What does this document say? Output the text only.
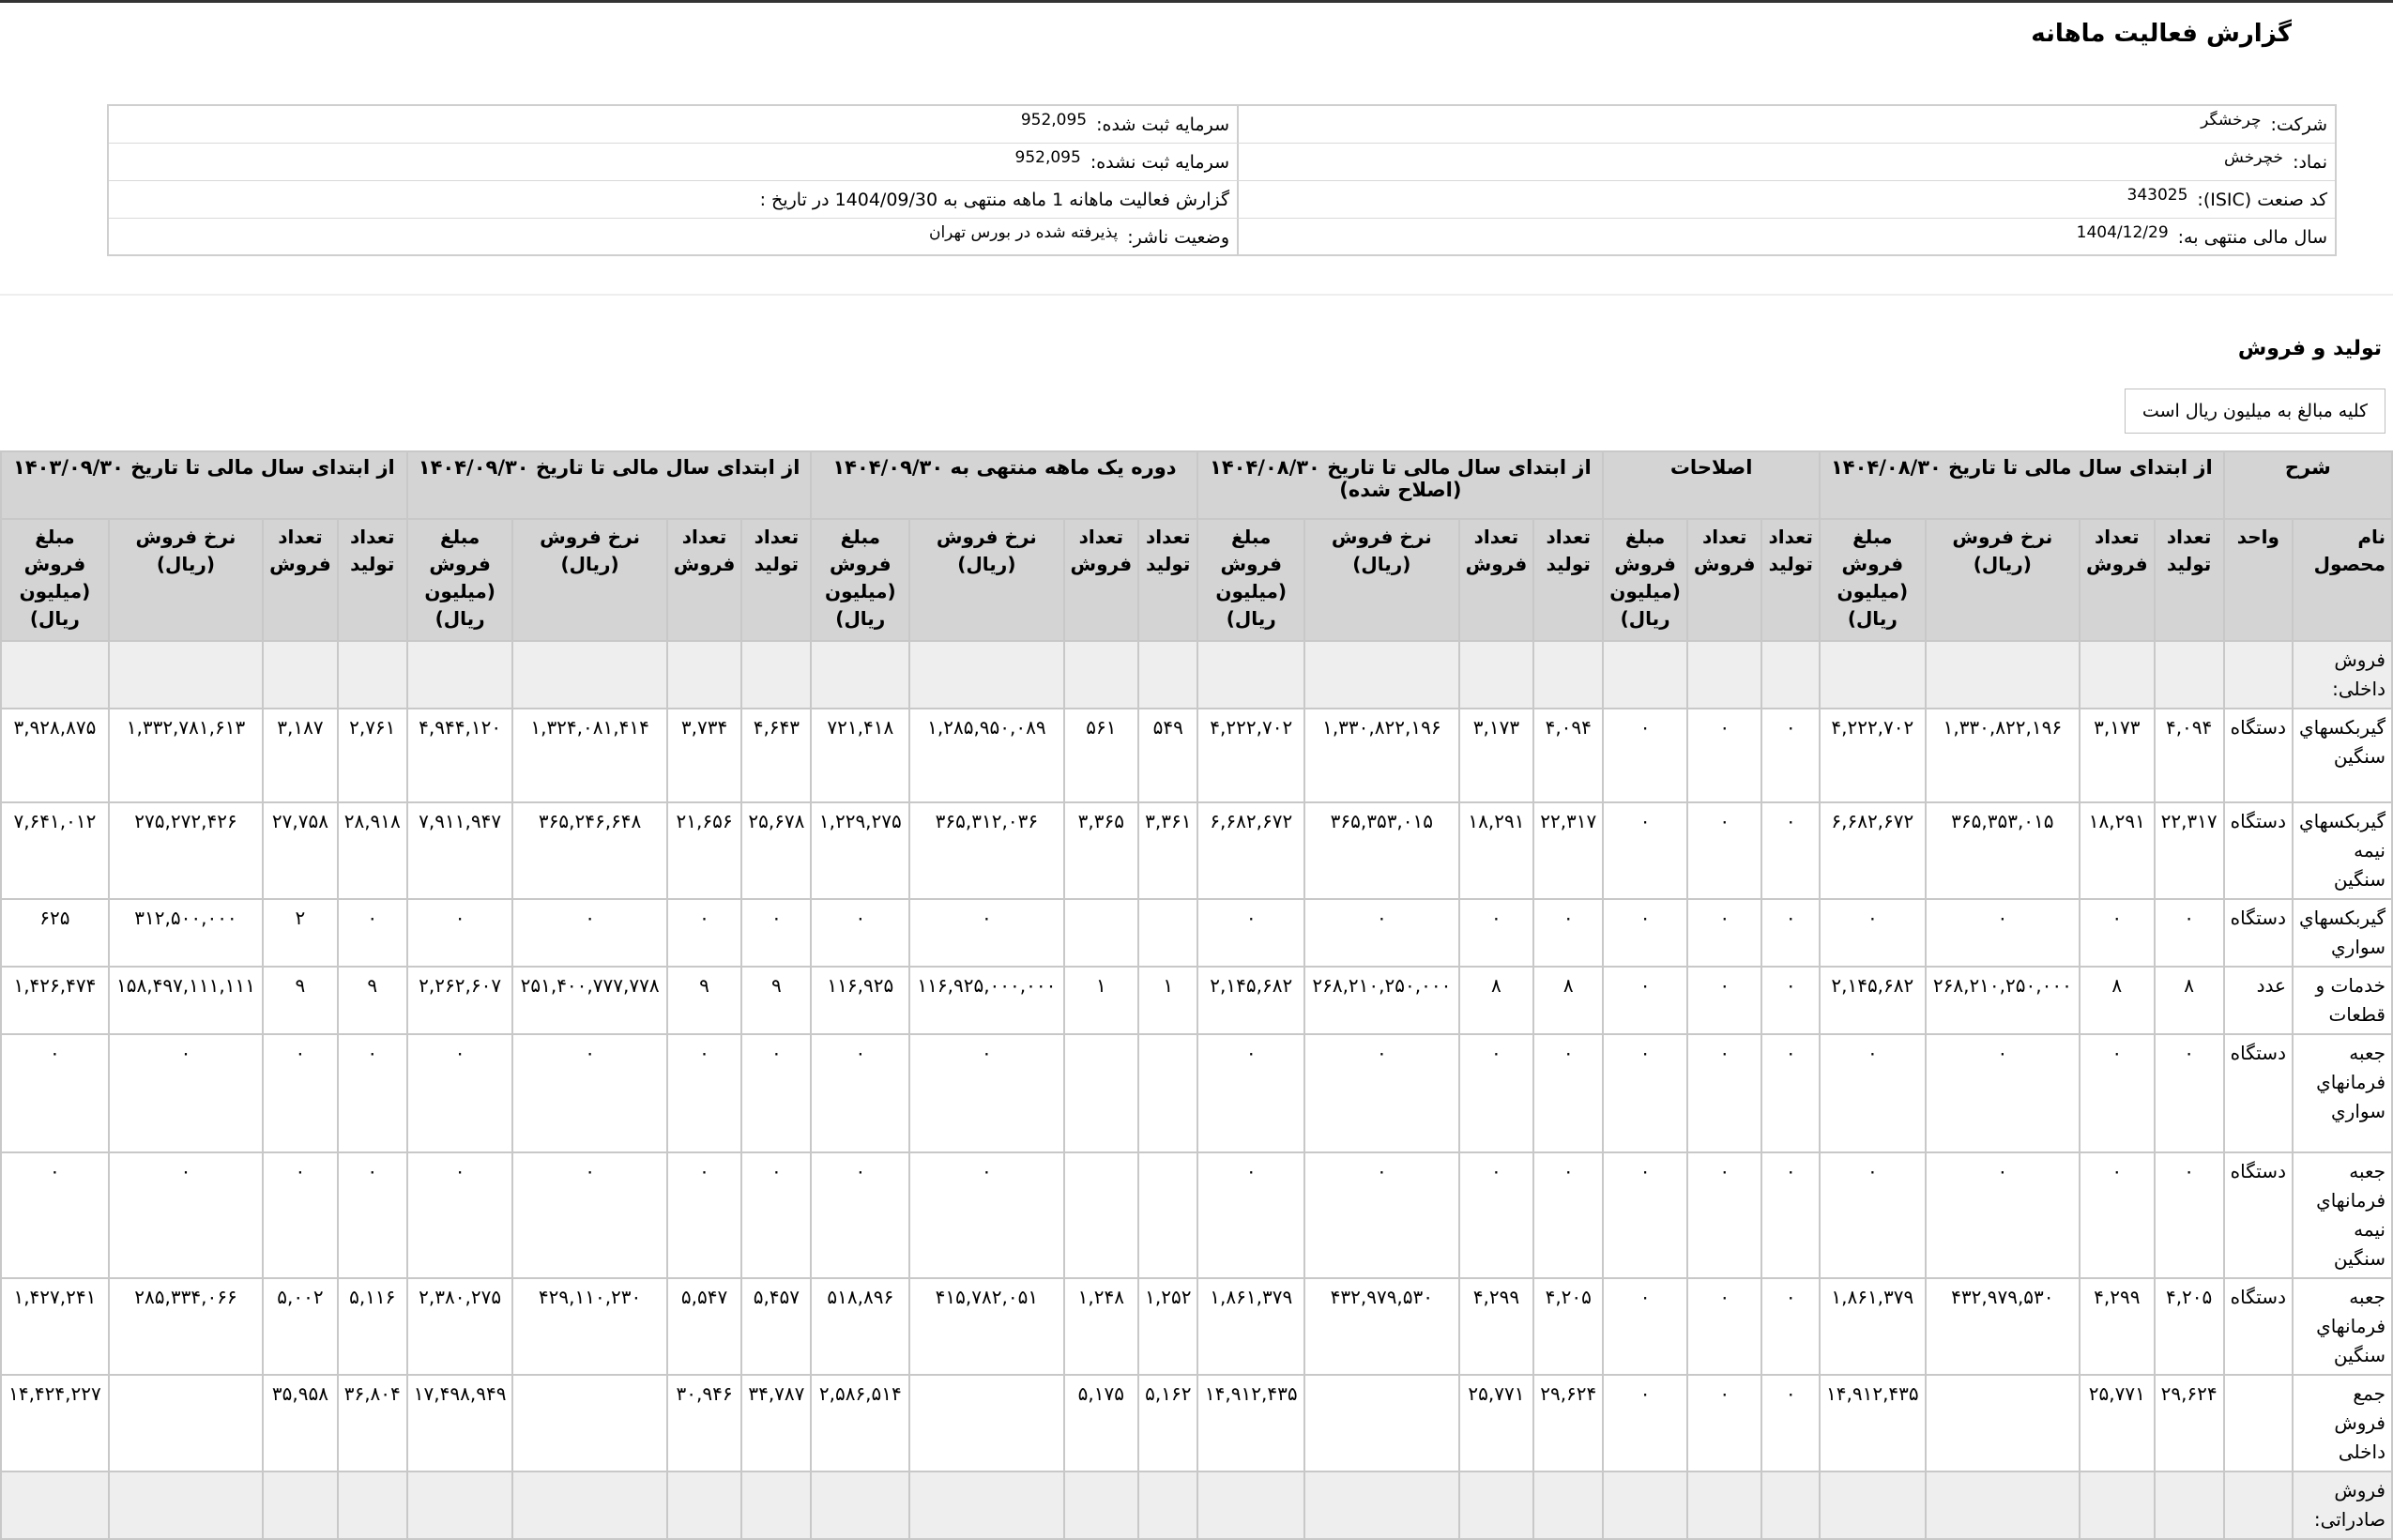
گزارش فعالیت ماهانه
شرکت:
چرخشگر
سرمایه ثبت شده:
952,095
نماد:
خچرخش
سرمایه ثبت نشده:
952,095
کد صنعت (ISIC):
343025
گزارش فعالیت ماهانه 1 ماهه منتهی به 1404/09/30 در تاریخ :
سال مالی منتهی به:
1404/12/29
وضعیت ناشر:
پذیرفته شده در بورس تهران
تولید و فروش
کلیه مبالغ به میلیون ریال است
شرح		از ابتدای سال مالی تا تاریخ ۱۴۰۴/۰۸/۳۰				اصلاحات			از ابتدای سال مالی تا تاریخ ۱۴۰۴/۰۸/۳۰ (اصلاح شده)				دوره یک ماهه منتهی به ۱۴۰۴/۰۹/۳۰				از ابتدای سال مالی تا تاریخ ۱۴۰۴/۰۹/۳۰				از ابتدای سال مالی تا تاریخ ۱۴۰۳/۰۹/۳۰			
نام محصول	واحد	تعداد تولید	تعداد فروش	نرخ فروش (ریال)	مبلغ فروش (میلیون ریال)	تعداد تولید	تعداد فروش	مبلغ فروش (میلیون ریال)	تعداد تولید	تعداد فروش	نرخ فروش (ریال)	مبلغ فروش (میلیون ریال)	تعداد تولید	تعداد فروش	نرخ فروش (ریال)	مبلغ فروش (میلیون ریال)	تعداد تولید	تعداد فروش	نرخ فروش (ریال)	مبلغ فروش (میلیون ریال)	تعداد تولید	تعداد فروش	نرخ فروش (ریال)	مبلغ فروش (میلیون ریال)
فروش داخلی:																								
گیربکسهاي سنگین	دستگاه	۴,۰۹۴	۳,۱۷۳	۱,۳۳۰,۸۲۲,۱۹۶	۴,۲۲۲,۷۰۲	۰	۰	۰	۴,۰۹۴	۳,۱۷۳	۱,۳۳۰,۸۲۲,۱۹۶	۴,۲۲۲,۷۰۲	۵۴۹	۵۶۱	۱,۲۸۵,۹۵۰,۰۸۹	۷۲۱,۴۱۸	۴,۶۴۳	۳,۷۳۴	۱,۳۲۴,۰۸۱,۴۱۴	۴,۹۴۴,۱۲۰	۲,۷۶۱	۳,۱۸۷	۱,۳۳۲,۷۸۱,۶۱۳	۳,۹۲۸,۸۷۵
گیربکسهاي نیمه سنگین	دستگاه	۲۲,۳۱۷	۱۸,۲۹۱	۳۶۵,۳۵۳,۰۱۵	۶,۶۸۲,۶۷۲	۰	۰	۰	۲۲,۳۱۷	۱۸,۲۹۱	۳۶۵,۳۵۳,۰۱۵	۶,۶۸۲,۶۷۲	۳,۳۶۱	۳,۳۶۵	۳۶۵,۳۱۲,۰۳۶	۱,۲۲۹,۲۷۵	۲۵,۶۷۸	۲۱,۶۵۶	۳۶۵,۲۴۶,۶۴۸	۷,۹۱۱,۹۴۷	۲۸,۹۱۸	۲۷,۷۵۸	۲۷۵,۲۷۲,۴۲۶	۷,۶۴۱,۰۱۲
گیربکسهاي سواري	دستگاه	۰	۰	۰	۰	۰	۰	۰	۰	۰	۰	۰			۰	۰	۰	۰	۰	۰	۰	۲	۳۱۲,۵۰۰,۰۰۰	۶۲۵
خدمات و قطعات	عدد	۸	۸	۲۶۸,۲۱۰,۲۵۰,۰۰۰	۲,۱۴۵,۶۸۲	۰	۰	۰	۸	۸	۲۶۸,۲۱۰,۲۵۰,۰۰۰	۲,۱۴۵,۶۸۲	۱	۱	۱۱۶,۹۲۵,۰۰۰,۰۰۰	۱۱۶,۹۲۵	۹	۹	۲۵۱,۴۰۰,۷۷۷,۷۷۸	۲,۲۶۲,۶۰۷	۹	۹	۱۵۸,۴۹۷,۱۱۱,۱۱۱	۱,۴۲۶,۴۷۴
جعبه فرمانهاي سواري	دستگاه	۰	۰	۰	۰	۰	۰	۰	۰	۰	۰	۰			۰	۰	۰	۰	۰	۰	۰	۰	۰	۰
جعبه فرمانهاي نیمه سنگین	دستگاه	۰	۰	۰	۰	۰	۰	۰	۰	۰	۰	۰			۰	۰	۰	۰	۰	۰	۰	۰	۰	۰
جعبه فرمانهاي سنگین	دستگاه	۴,۲۰۵	۴,۲۹۹	۴۳۲,۹۷۹,۵۳۰	۱,۸۶۱,۳۷۹	۰	۰	۰	۴,۲۰۵	۴,۲۹۹	۴۳۲,۹۷۹,۵۳۰	۱,۸۶۱,۳۷۹	۱,۲۵۲	۱,۲۴۸	۴۱۵,۷۸۲,۰۵۱	۵۱۸,۸۹۶	۵,۴۵۷	۵,۵۴۷	۴۲۹,۱۱۰,۲۳۰	۲,۳۸۰,۲۷۵	۵,۱۱۶	۵,۰۰۲	۲۸۵,۳۳۴,۰۶۶	۱,۴۲۷,۲۴۱
جمع فروش داخلی		۲۹,۶۲۴	۲۵,۷۷۱		۱۴,۹۱۲,۴۳۵	۰	۰	۰	۲۹,۶۲۴	۲۵,۷۷۱		۱۴,۹۱۲,۴۳۵	۵,۱۶۲	۵,۱۷۵		۲,۵۸۶,۵۱۴	۳۴,۷۸۷	۳۰,۹۴۶		۱۷,۴۹۸,۹۴۹	۳۶,۸۰۴	۳۵,۹۵۸		۱۴,۴۲۴,۲۲۷
فروش صادراتی:																								
